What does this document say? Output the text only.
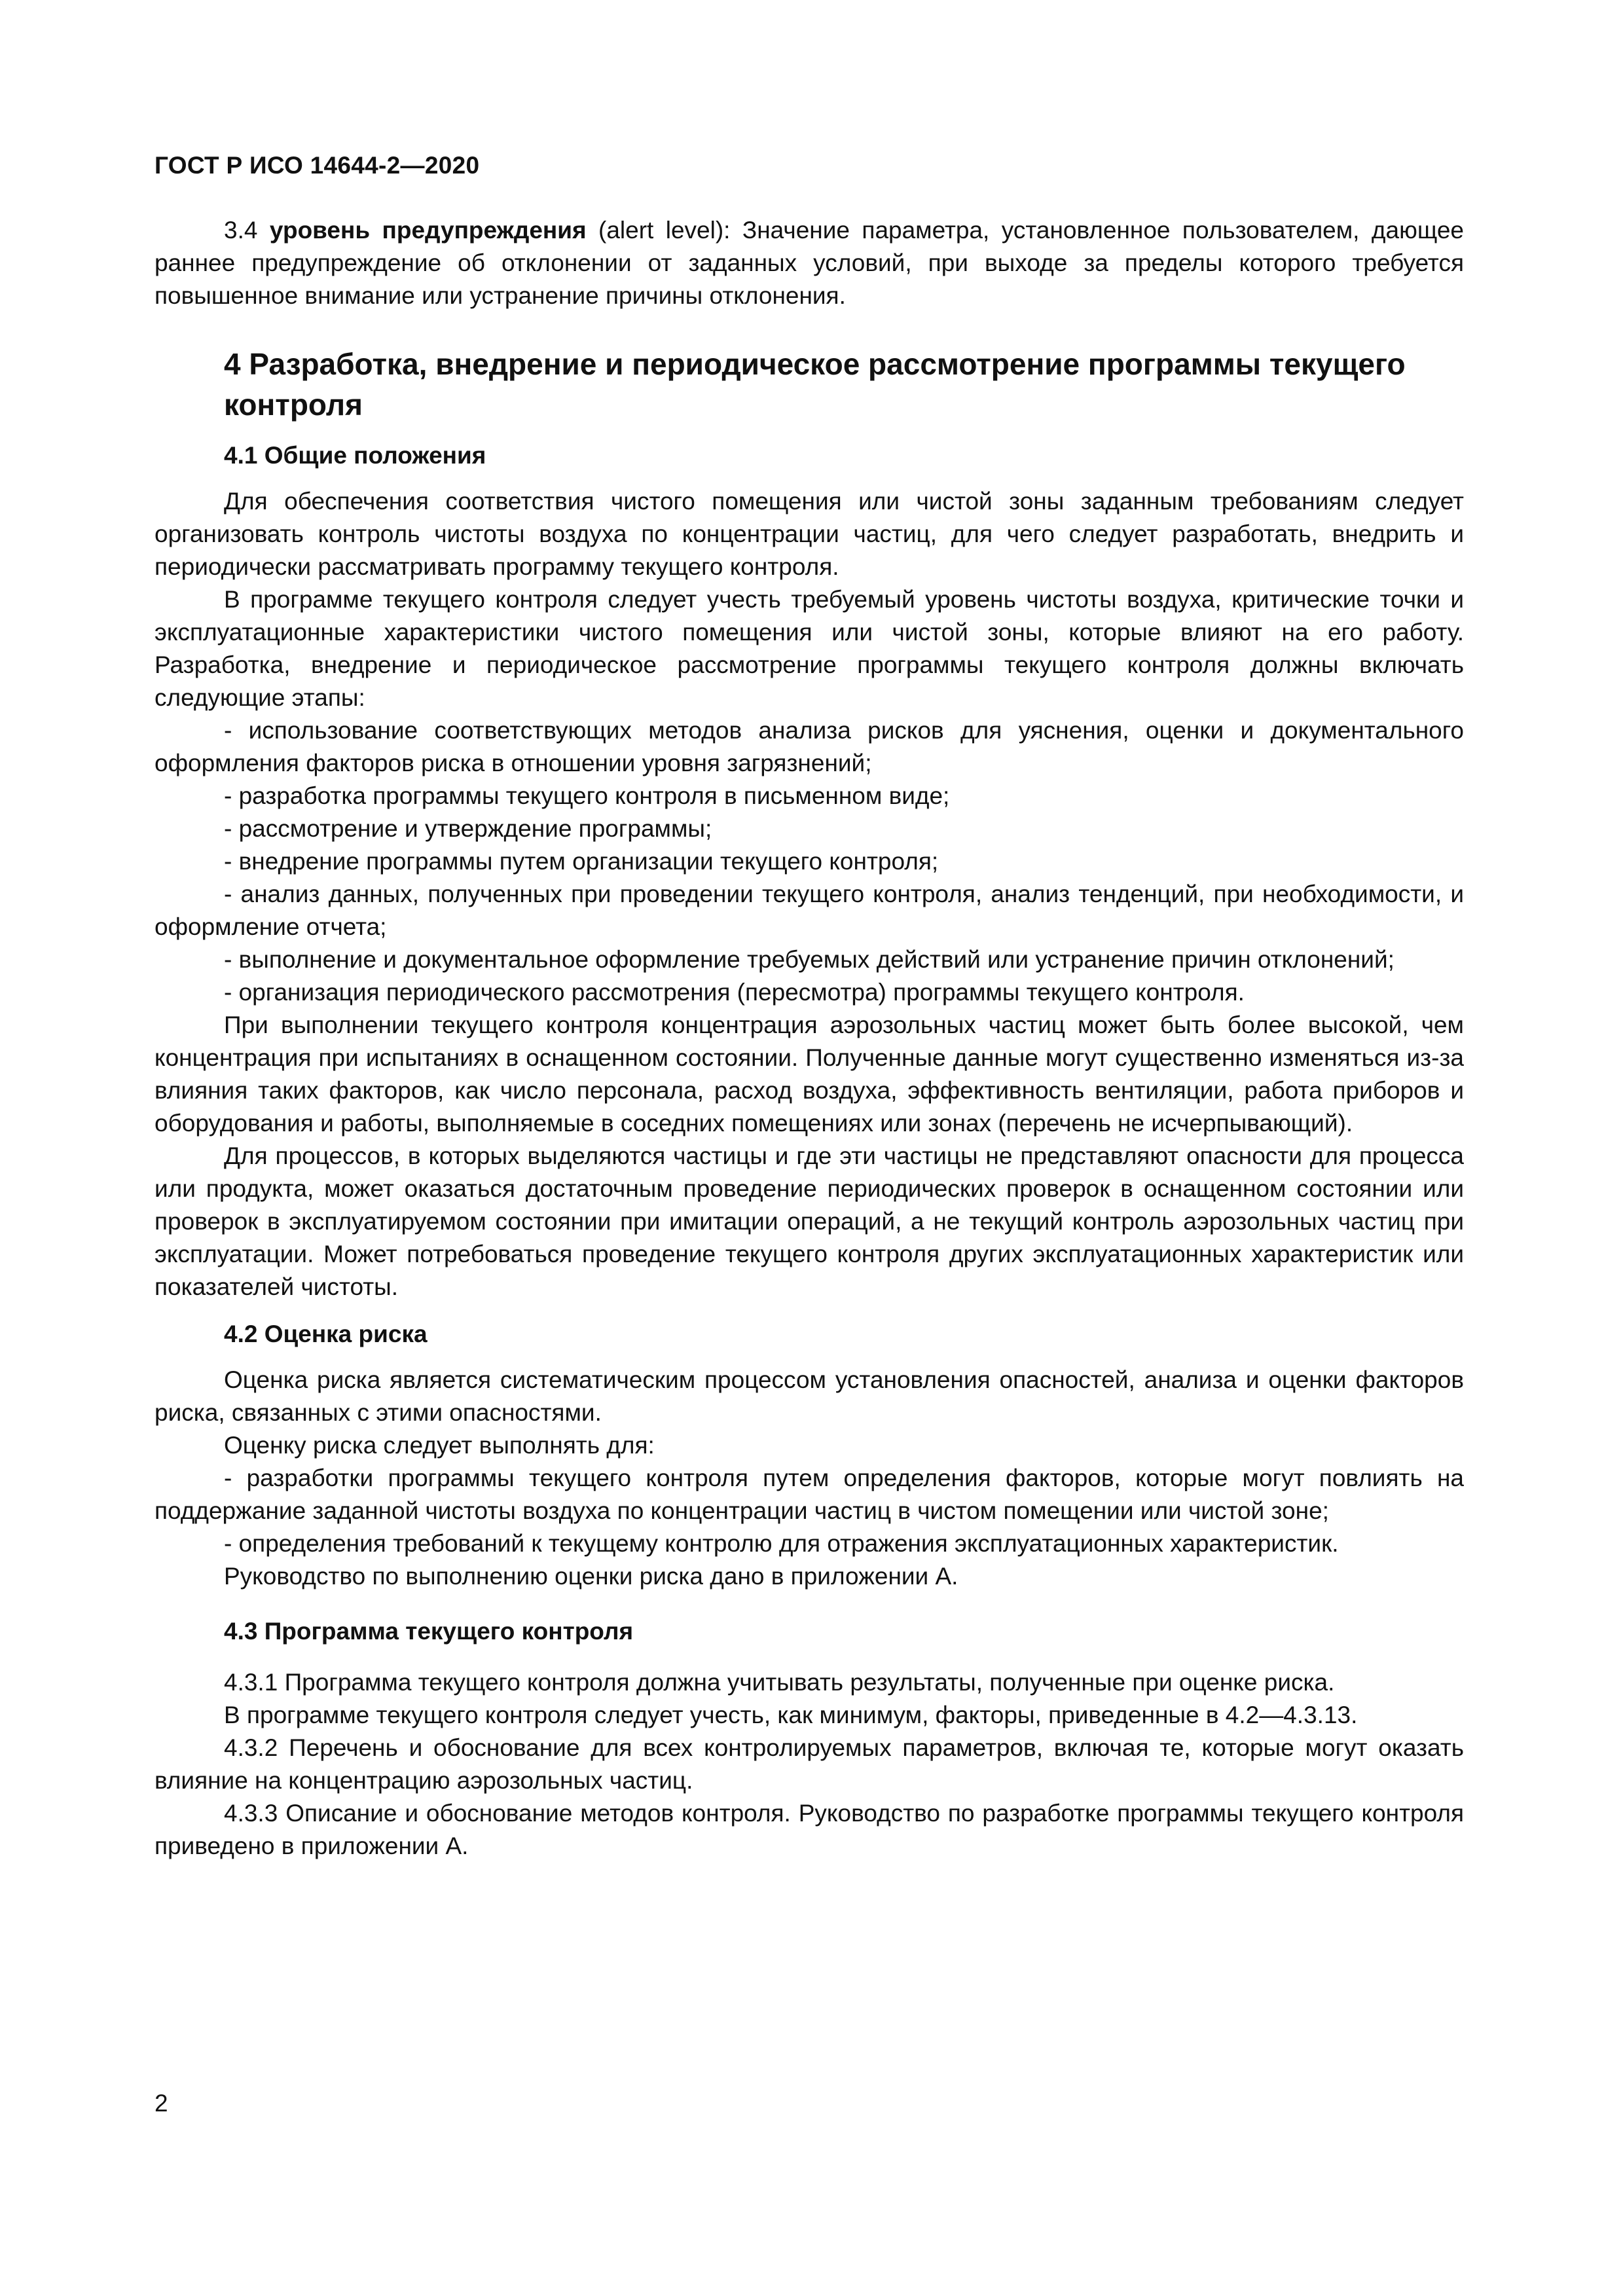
ГОСТ Р ИСО 14644-2—2020

3.4 уровень предупреждения (alert level): Значение параметра, установленное пользователем, дающее раннее предупреждение об отклонении от заданных условий, при выходе за пределы которого требуется повышенное внимание или устранение причины отклонения.

4 Разработка, внедрение и периодическое рассмотрение программы текущего контроля
4.1 Общие положения

Для обеспечения соответствия чистого помещения или чистой зоны заданным требованиям следует организовать контроль чистоты воздуха по концентрации частиц, для чего следует разработать, внедрить и периодически рассматривать программу текущего контроля.

В программе текущего контроля следует учесть требуемый уровень чистоты воздуха, критические точки и эксплуатационные характеристики чистого помещения или чистой зоны, которые влияют на его работу. Разработка, внедрение и периодическое рассмотрение программы текущего контроля должны включать следующие этапы:

- использование соответствующих методов анализа рисков для уяснения, оценки и документального оформления факторов риска в отношении уровня загрязнений;

- разработка программы текущего контроля в письменном виде;

- рассмотрение и утверждение программы;

- внедрение программы путем организации текущего контроля;

- анализ данных, полученных при проведении текущего контроля, анализ тенденций, при необходимости, и оформление отчета;

- выполнение и документальное оформление требуемых действий или устранение причин отклонений;

- организация периодического рассмотрения (пересмотра) программы текущего контроля.

При выполнении текущего контроля концентрация аэрозольных частиц может быть более высокой, чем концентрация при испытаниях в оснащенном состоянии. Полученные данные могут существенно изменяться из-за влияния таких факторов, как число персонала, расход воздуха, эффективность вентиляции, работа приборов и оборудования и работы, выполняемые в соседних помещениях или зонах (перечень не исчерпывающий).

Для процессов, в которых выделяются частицы и где эти частицы не представляют опасности для процесса или продукта, может оказаться достаточным проведение периодических проверок в оснащенном состоянии или проверок в эксплуатируемом состоянии при имитации операций, а не текущий контроль аэрозольных частиц при эксплуатации. Может потребоваться проведение текущего контроля других эксплуатационных характеристик или показателей чистоты.

4.2 Оценка риска

Оценка риска является систематическим процессом установления опасностей, анализа и оценки факторов риска, связанных с этими опасностями.

Оценку риска следует выполнять для:

- разработки программы текущего контроля путем определения факторов, которые могут повлиять на поддержание заданной чистоты воздуха по концентрации частиц в чистом помещении или чистой зоне;

- определения требований к текущему контролю для отражения эксплуатационных характеристик.

Руководство по выполнению оценки риска дано в приложении А.

4.3 Программа текущего контроля

4.3.1 Программа текущего контроля должна учитывать результаты, полученные при оценке риска.

В программе текущего контроля следует учесть, как минимум, факторы, приведенные в 4.2—4.3.13.

4.3.2 Перечень и обоснование для всех контролируемых параметров, включая те, которые могут оказать влияние на концентрацию аэрозольных частиц.

4.3.3 Описание и обоснование методов контроля. Руководство по разработке программы текущего контроля приведено в приложении А.

2
